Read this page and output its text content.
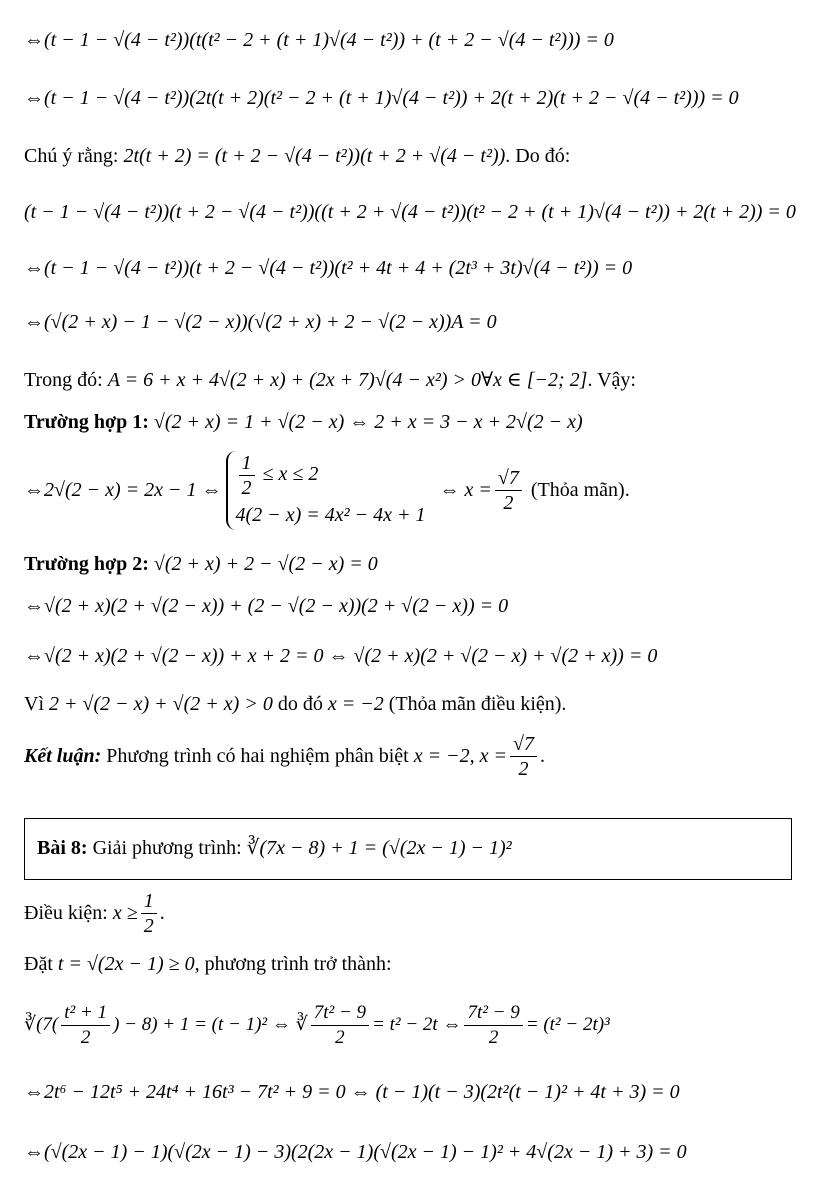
⇔(t − 1 − √(4 − t²))(t(t² − 2 + (t + 1)√(4 − t²)) + (t + 2 − √(4 − t²))) = 0
⇔(t − 1 − √(4 − t²))(2t(t + 2)(t² − 2 + (t + 1)√(4 − t²)) + 2(t + 2)(t + 2 − √(4 − t²))) = 0
Chú ý rằng: 2t(t + 2) = (t + 2 − √(4 − t²))(t + 2 + √(4 − t²)). Do đó:
(t − 1 − √(4 − t²))(t + 2 − √(4 − t²))((t + 2 + √(4 − t²))(t² − 2 + (t + 1)√(4 − t²)) + 2(t + 2)) = 0
⇔(t − 1 − √(4 − t²))(t + 2 − √(4 − t²))(t² + 4t + 4 + (2t³ + 3t)√(4 − t²)) = 0
⇔(√(2 + x) − 1 − √(2 − x))(√(2 + x) + 2 − √(2 − x))A = 0
Trong đó: A = 6 + x + 4√(2 + x) + (2x + 7)√(4 − x²) > 0∀x ∈ [−2; 2]. Vậy:
Trường hợp 1: √(2 + x) = 1 + √(2 − x) ⇔ 2 + x = 3 − x + 2√(2 − x)
⇔2√(2 − x) = 2x − 1 ⇔ $\frac{1}{2} \le x \le 2$
4(2 − x) = 4x² − 4x + 1
⇔ $x = \frac{√7}{2}$ (Thỏa mãn).
Trường hợp 2: √(2 + x) + 2 − √(2 − x) = 0
⇔√(2 + x)(2 + √(2 − x)) + (2 − √(2 − x))(2 + √(2 − x)) = 0
⇔√(2 + x)(2 + √(2 − x)) + x + 2 = 0 ⇔ √(2 + x)(2 + √(2 − x) + √(2 + x)) = 0
Vì 2 + √(2 − x) + √(2 + x) > 0 do đó x = −2 (Thỏa mãn điều kiện).
Kết luận:
Phương trình có hai nghiệm phân biệt
x = −2, $x = \frac{√7}{2}$ .
Bài 8: Giải phương trình: ∛(7x − 8) + 1 = (√(2x − 1) − 1)²
Điều kiện:
$x \ge \frac{1}{2}$ .
Đặt t = √(2x − 1) ≥ 0, phương trình trở thành:
∛(7( $\frac{\text{t² + 1}}{2}$ ) − 8) + 1 = (t − 1)² ⇔ ∛ $\frac{\text{7t² − 9}}{2} = t^2 - 2t$ ⇔ $\frac{\text{7t² − 9}}{2} = (t^2 - 2t)^3$
⇔2t⁶ − 12t⁵ + 24t⁴ + 16t³ − 7t² + 9 = 0 ⇔ (t − 1)(t − 3)(2t²(t − 1)² + 4t + 3) = 0
⇔(√(2x − 1) − 1)(√(2x − 1) − 3)(2(2x − 1)(√(2x − 1) − 1)² + 4√(2x − 1) + 3) = 0
